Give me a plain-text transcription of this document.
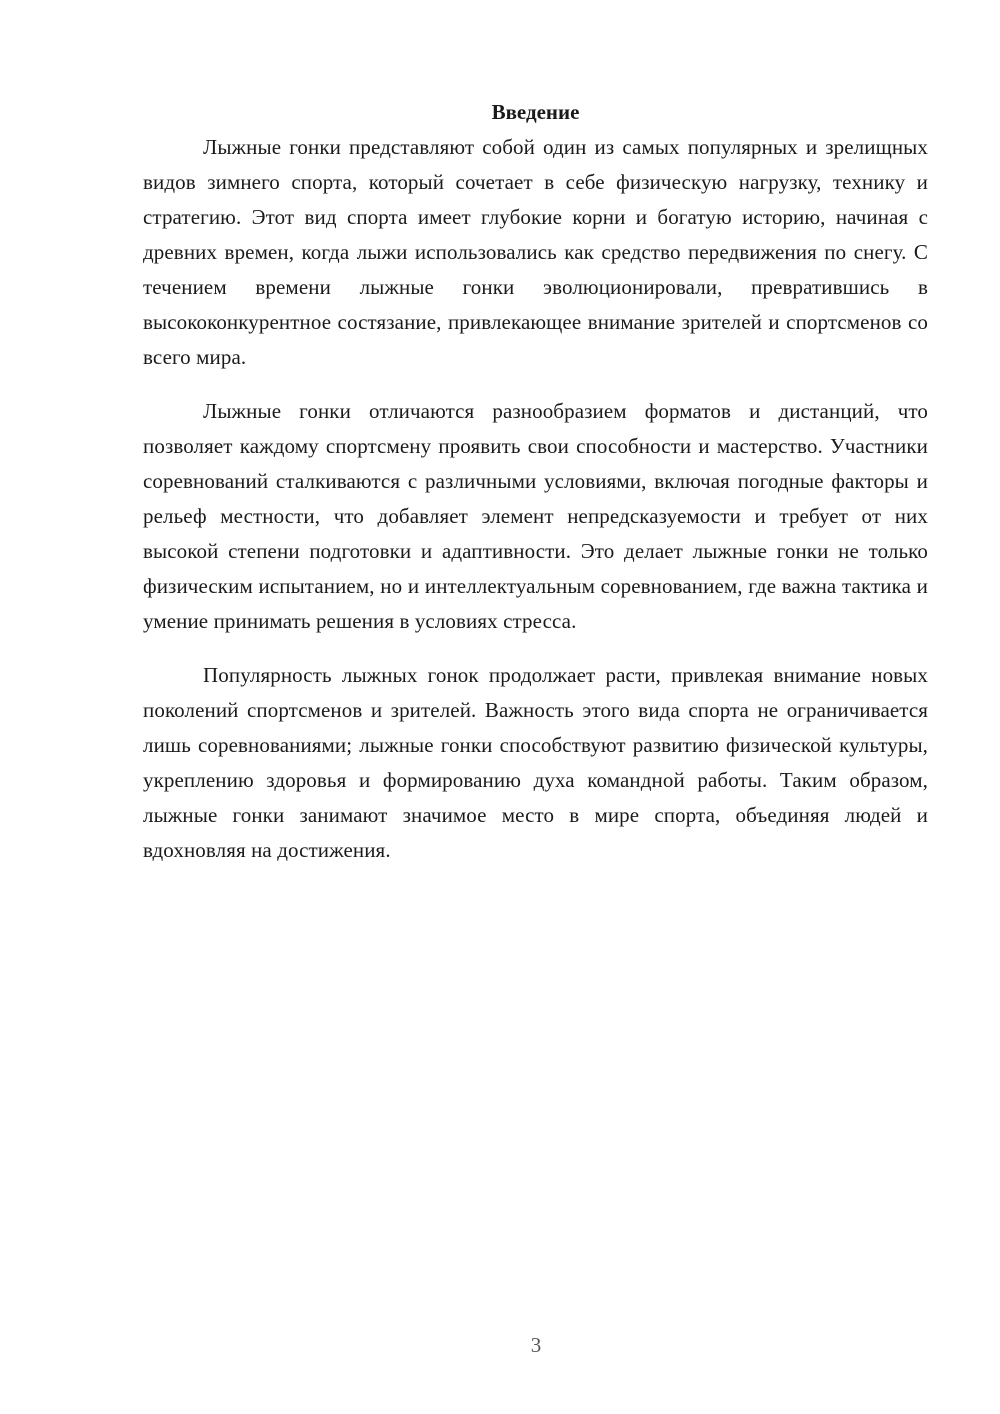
Введение

Лыжные гонки представляют собой один из самых популярных и зрелищных видов зимнего спорта, который сочетает в себе физическую нагрузку, технику и стратегию. Этот вид спорта имеет глубокие корни и богатую историю, начиная с древних времен, когда лыжи использовались как средство передвижения по снегу. С течением времени лыжные гонки эволюционировали, превратившись в высококонкурентное состязание, привлекающее внимание зрителей и спортсменов со всего мира.

Лыжные гонки отличаются разнообразием форматов и дистанций, что позволяет каждому спортсмену проявить свои способности и мастерство. Участники соревнований сталкиваются с различными условиями, включая погодные факторы и рельеф местности, что добавляет элемент непредсказуемости и требует от них высокой степени подготовки и адаптивности. Это делает лыжные гонки не только физическим испытанием, но и интеллектуальным соревнованием, где важна тактика и умение принимать решения в условиях стресса.

Популярность лыжных гонок продолжает расти, привлекая внимание новых поколений спортсменов и зрителей. Важность этого вида спорта не ограничивается лишь соревнованиями; лыжные гонки способствуют развитию физической культуры, укреплению здоровья и формированию духа командной работы. Таким образом, лыжные гонки занимают значимое место в мире спорта, объединяя людей и вдохновляя на достижения.

3
